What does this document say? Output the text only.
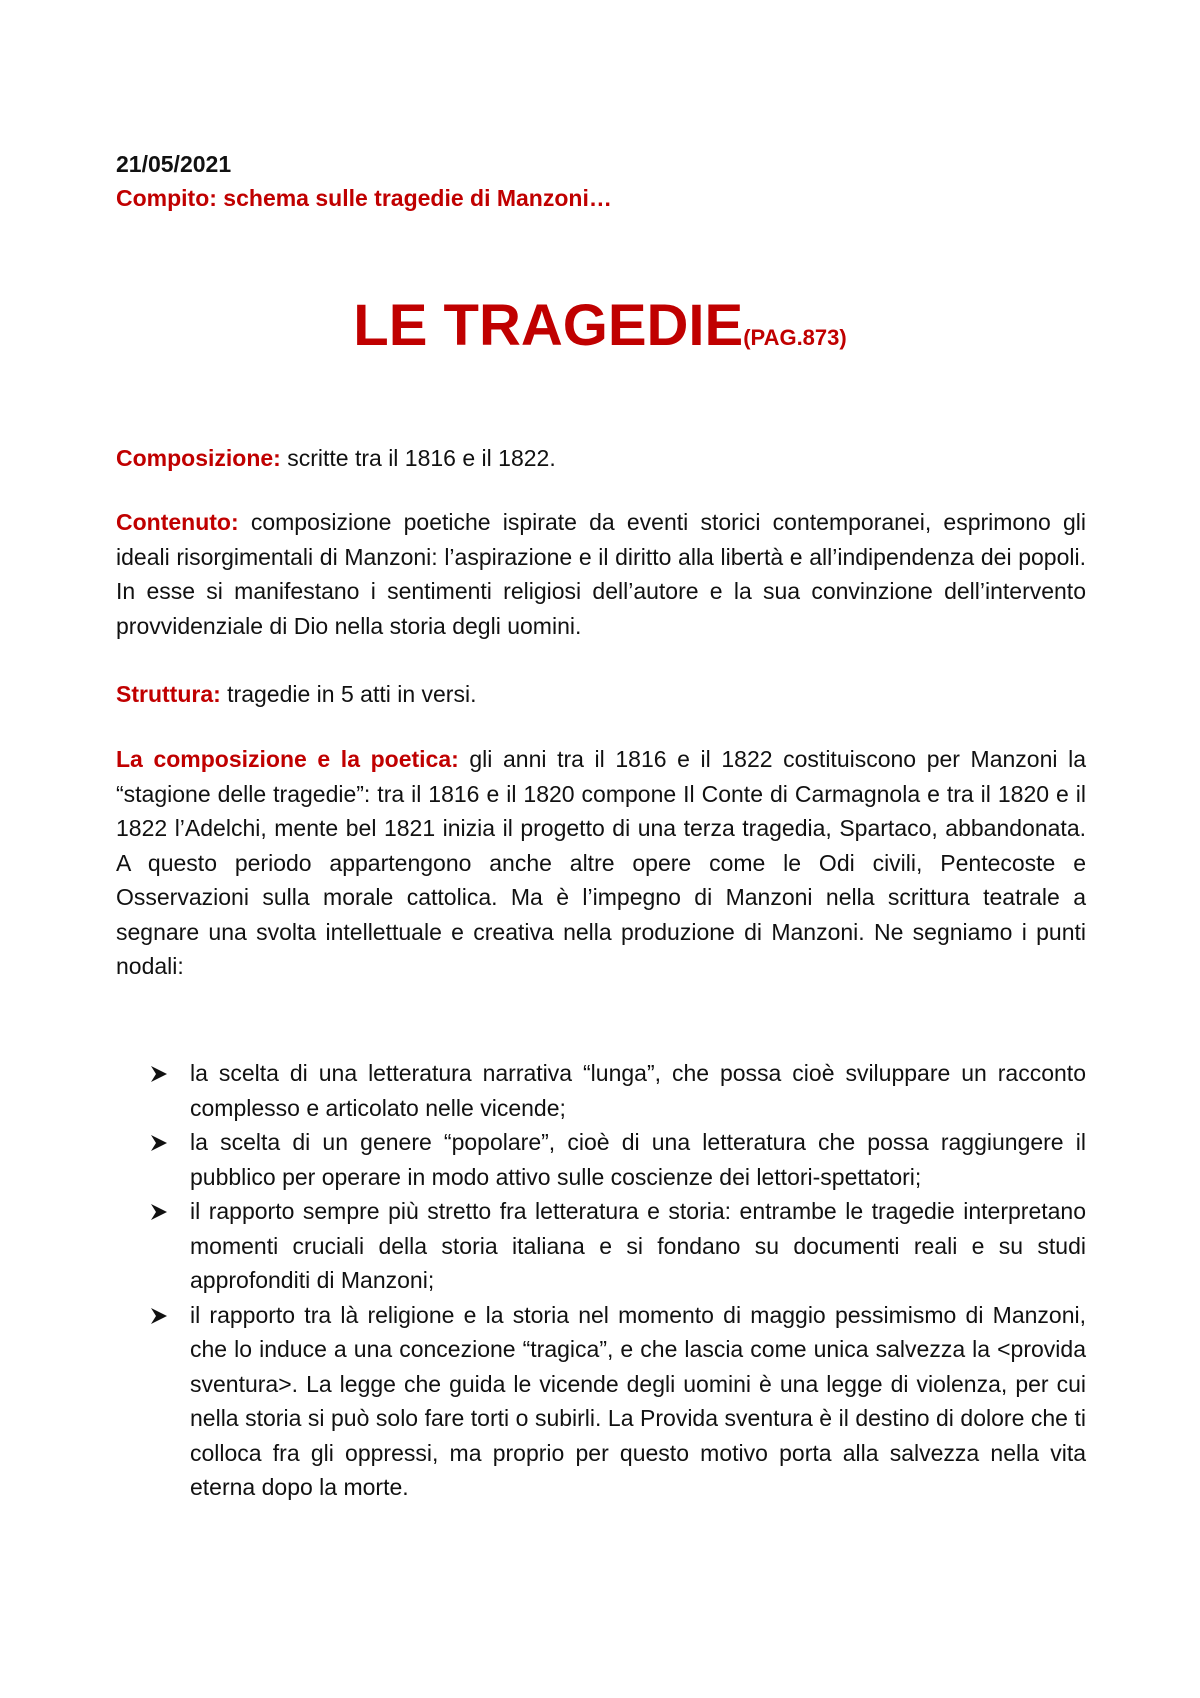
21/05/2021
Compito: schema sulle tragedie di Manzoni…
LE TRAGEDIE(PAG.873)
Composizione: scritte tra il 1816 e il 1822.
Contenuto: composizione poetiche ispirate da eventi storici contemporanei, esprimono gli ideali risorgimentali di Manzoni: l’aspirazione e il diritto alla libertà e all’indipendenza dei popoli. In esse si manifestano i sentimenti religiosi dell’autore e la sua convinzione dell’intervento provvidenziale di Dio nella storia degli uomini.
Struttura: tragedie in 5 atti in versi.
La composizione e la poetica: gli anni tra il 1816 e il 1822 costituiscono per Manzoni la “stagione delle tragedie”: tra il 1816 e il 1820 compone Il Conte di Carmagnola e tra il 1820 e il 1822 l’Adelchi, mente bel 1821 inizia il progetto di una terza tragedia, Spartaco, abbandonata. A questo periodo appartengono anche altre opere come le Odi civili, Pentecoste e Osservazioni sulla morale cattolica. Ma è l’impegno di Manzoni nella scrittura teatrale a segnare una svolta intellettuale e creativa nella produzione di Manzoni. Ne segniamo i punti nodali:
la scelta di una letteratura narrativa “lunga”, che possa cioè sviluppare un racconto complesso e articolato nelle vicende;
la scelta di un genere “popolare”, cioè di una letteratura che possa raggiungere il pubblico per operare in modo attivo sulle coscienze dei lettori-spettatori;
il rapporto sempre più stretto fra letteratura e storia: entrambe le tragedie interpretano momenti cruciali della storia italiana e si fondano su documenti reali e su studi approfonditi di Manzoni;
il rapporto tra là religione e la storia nel momento di maggio pessimismo di Manzoni, che lo induce a una concezione “tragica”, e che lascia come unica salvezza la <provida sventura>. La legge che guida le vicende degli uomini è una legge di violenza, per cui nella storia si può solo fare torti o subirli. La Provida sventura è il destino di dolore che ti colloca fra gli oppressi, ma proprio per questo motivo porta alla salvezza nella vita eterna dopo la morte.
